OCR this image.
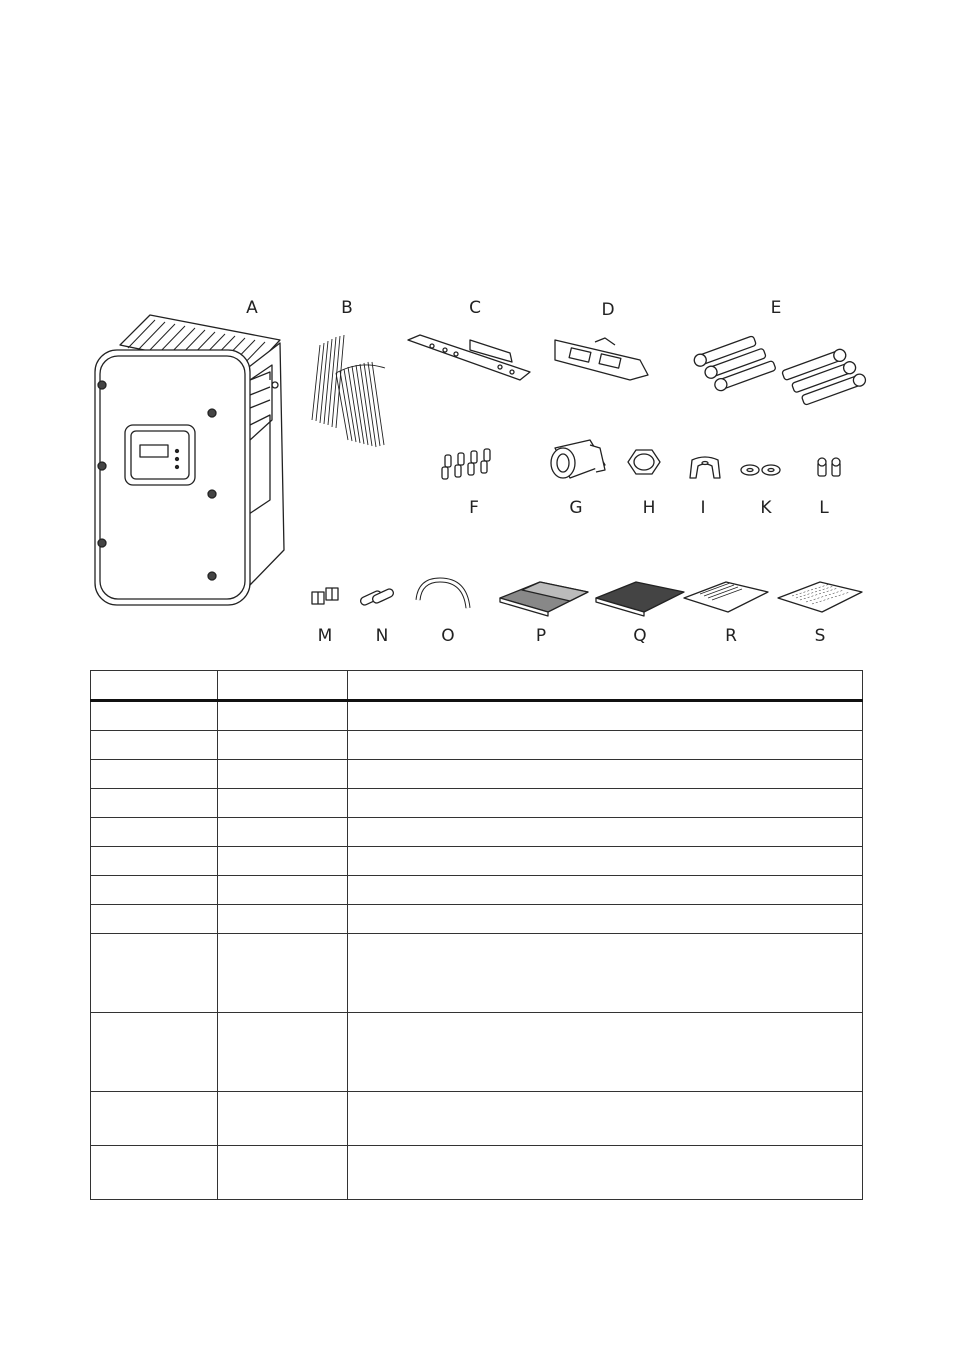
A	B	C	D	E
F	G	H	I	K	L
M	N	O	P	Q	R	S
